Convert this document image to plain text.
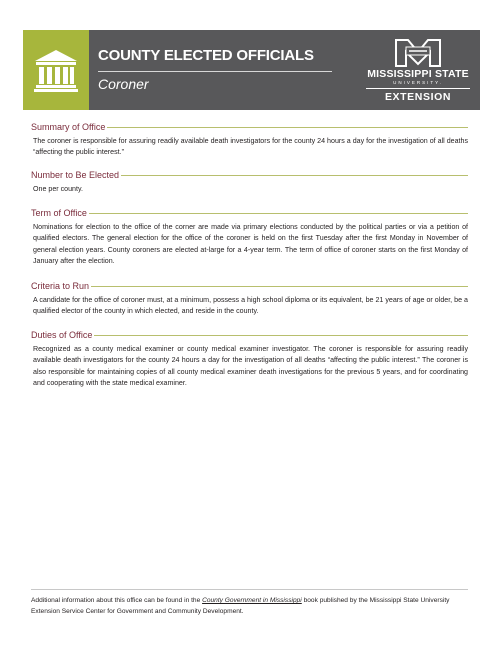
COUNTY ELECTED OFFICIALS
Coroner
MISSISSIPPI STATE
UNIVERSITY.
EXTENSION
Summary of Office
The coroner is responsible for assuring readily available death investigators for the county 24 hours a day for the investigation of all deaths “affecting the public interest.”
Number to Be Elected
One per county.
Term of Office
Nominations for election to the office of the corner are made via primary elections conducted by the political parties or via a petition of qualified electors. The general election for the office of the coroner is held on the first Tuesday after the first Monday in November of general election years. County coroners are elected at-large for a 4-year term. The term of office of coroner starts on the first Monday of January after the election.
Criteria to Run
A candidate for the office of coroner must, at a minimum, possess a high school diploma or its equivalent, be 21 years of age or older, be a qualified elector of the county in which elected, and reside in the county.
Duties of Office
Recognized as a county medical examiner or county medical examiner investigator. The coroner is responsible for assuring readily available death investigators for the county 24 hours a day for the investigation of all deaths “affecting the public interest.” The coroner is also responsible for maintaining copies of all county medical examiner death investigations for the previous 5 years, and for coordinating and cooperating with the state medical examiner.
Additional information about this office can be found in the County Government in Mississippi book published by the Mississippi State University Extension Service Center for Government and Community Development.
